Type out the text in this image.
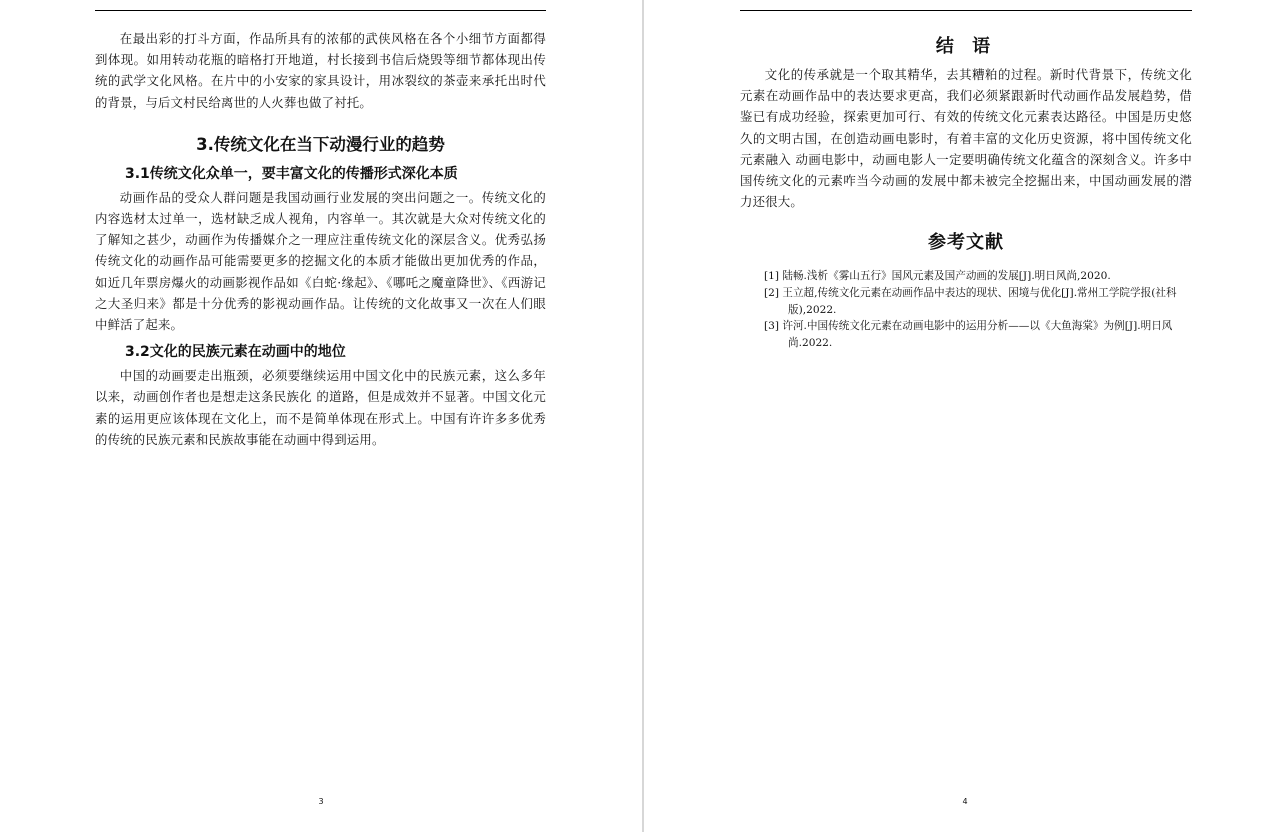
在最出彩的打斗方面，作品所具有的浓郁的武侠风格在各个小细节方面都得到体现。如用转动花瓶的暗格打开地道，村长接到书信后烧毁等细节都体现出传统的武学文化风格。在片中的小安家的家具设计，用冰裂纹的茶壶来承托出时代的背景，与后文村民给离世的人火葬也做了衬托。

3.传统文化在当下动漫行业的趋势
3.1传统文化众单一，要丰富文化的传播形式深化本质

动画作品的受众人群问题是我国动画行业发展的突出问题之一。传统文化的内容选材太过单一，选材缺乏成人视角，内容单一。其次就是大众对传统文化的了解知之甚少，动画作为传播媒介之一理应注重传统文化的深层含义。优秀弘扬传统文化的动画作品可能需要更多的挖掘文化的本质才能做出更加优秀的作品，如近几年票房爆火的动画影视作品如《白蛇·缘起》、《哪吒之魔童降世》、《西游记之大圣归来》都是十分优秀的影视动画作品。让传统的文化故事又一次在人们眼中鲜活了起来。

3.2文化的民族元素在动画中的地位

中国的动画要走出瓶颈，必须要继续运用中国文化中的民族元素，这么多年以来，动画创作者也是想走这条民族化 的道路，但是成效并不显著。中国文化元素的运用更应该体现在文化上，而不是简单体现在形式上。中国有许许多多优秀的传统的民族元素和民族故事能在动画中得到运用。

3
结 语

文化的传承就是一个取其精华，去其糟粕的过程。新时代背景下，传统文化元素在动画作品中的表达要求更高，我们必须紧跟新时代动画作品发展趋势，借鉴已有成功经验，探索更加可行、有效的传统文化元素表达路径。中国是历史悠久的文明古国，在创造动画电影时，有着丰富的文化历史资源，将中国传统文化元素融入 动画电影中，动画电影人一定要明确传统文化蕴含的深刻含义。许多中国传统文化的元素咋当今动画的发展中都未被完全挖掘出来，中国动画发展的潜力还很大。

参考文献
[1] 陆畅.浅析《雾山五行》国风元素及国产动画的发展[J].明日风尚,2020.
[2] 王立超,传统文化元素在动画作品中表达的现状、困境与优化[J].常州工学院学报(社科版),2022.
[3] 许河.中国传统文化元素在动画电影中的运用分析——以《大鱼海棠》为例[J].明日风尚.2022.
4
